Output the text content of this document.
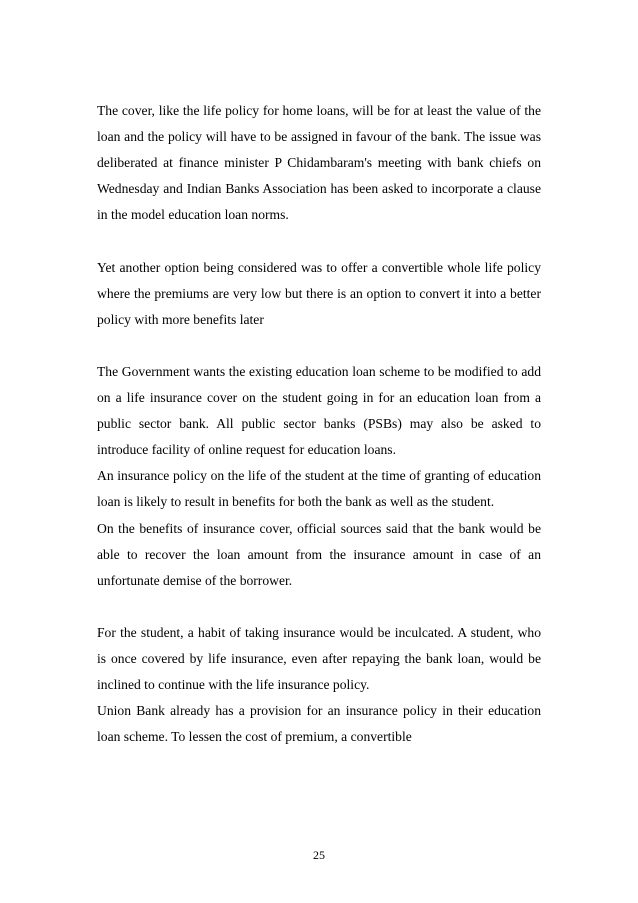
The cover, like the life policy for home loans, will be for at least the value of the loan and the policy will have to be assigned in favour of the bank. The issue was deliberated at finance minister P Chidambaram's meeting with bank chiefs on Wednesday and Indian Banks Association has been asked to incorporate a clause in the model education loan norms.

Yet another option being considered was to offer a convertible whole life policy where the premiums are very low but there is an option to convert it into a better policy with more benefits later

The Government wants the existing education loan scheme to be modified to add on a life insurance cover on the student going in for an education loan from a public sector bank. All public sector banks (PSBs) may also be asked to introduce facility of online request for education loans.

An insurance policy on the life of the student at the time of granting of education loan is likely to result in benefits for both the bank as well as the student.

On the benefits of insurance cover, official sources said that the bank would be able to recover the loan amount from the insurance amount in case of an unfortunate demise of the borrower.

For the student, a habit of taking insurance would be inculcated. A student, who is once covered by life insurance, even after repaying the bank loan, would be inclined to continue with the life insurance policy.

Union Bank already has a provision for an insurance policy in their education loan scheme. To lessen the cost of premium, a convertible

25
